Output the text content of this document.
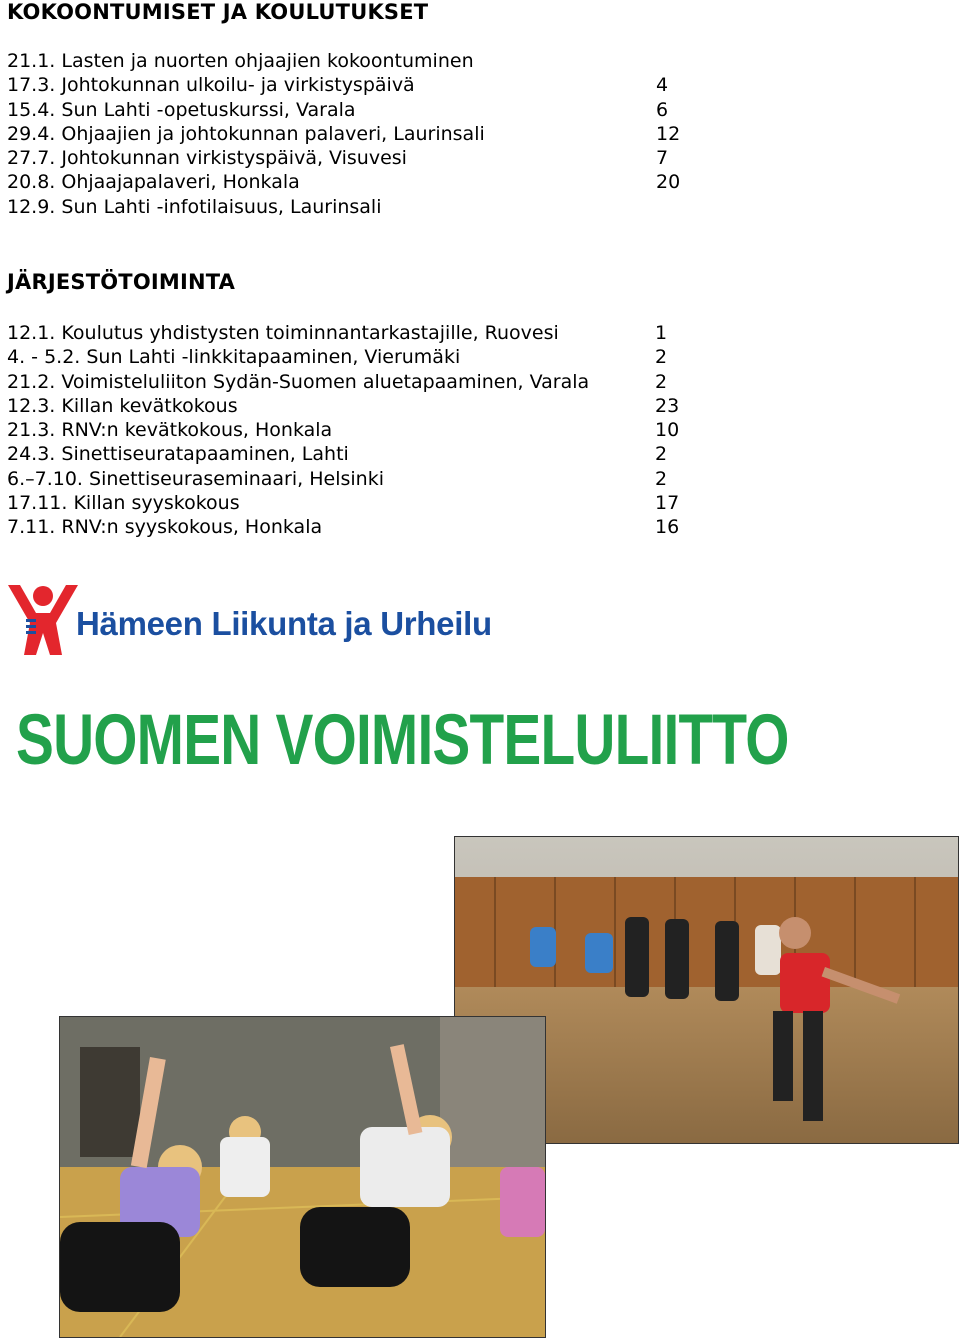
KOKOONTUMISET JA KOULUTUKSET
21.1. Lasten ja nuorten ohjaajien kokoontuminen
17.3. Johtokunnan ulkoilu- ja virkistyspäivä	4
15.4. Sun Lahti -opetuskurssi, Varala	6
29.4. Ohjaajien ja johtokunnan palaveri, Laurinsali	12
27.7. Johtokunnan virkistyspäivä, Visuvesi	7
20.8. Ohjaajapalaveri, Honkala	20
12.9. Sun Lahti -infotilaisuus, Laurinsali
JÄRJESTÖTOIMINTA
12.1. Koulutus yhdistysten toiminnantarkastajille, Ruovesi	1
4. - 5.2. Sun Lahti -linkkitapaaminen, Vierumäki	2
21.2. Voimisteluliiton Sydän-Suomen aluetapaaminen, Varala	2
12.3. Killan kevätkokous	23
21.3. RNV:n kevätkokous, Honkala	10
24.3. Sinettiseuratapaaminen, Lahti	2
6.–7.10. Sinettiseuraseminaari, Helsinki	2
17.11. Killan syyskokous	17
7.11. RNV:n syyskokous, Honkala	16

Hämeen Liikunta ja Urheilu

SUOMEN VOIMISTELULIITTO
